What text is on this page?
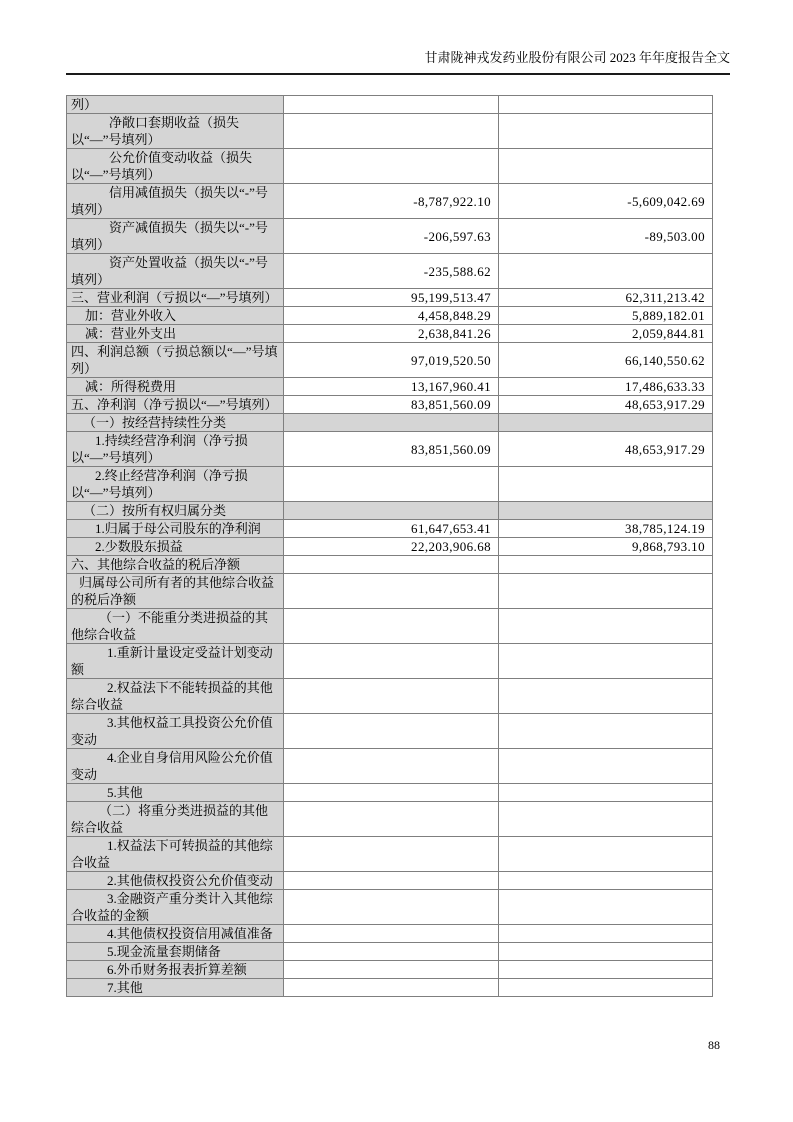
甘肃陇神戎发药业股份有限公司 2023 年年度报告全文
列）		
净敞口套期收益（损失以“—”号填列）		
公允价值变动收益（损失以“—”号填列）		
信用减值损失（损失以“-”号填列）	-8,787,922.10	-5,609,042.69
资产减值损失（损失以“-”号填列）	-206,597.63	-89,503.00
资产处置收益（损失以“-”号填列）	-235,588.62	
三、营业利润（亏损以“—”号填列）	95,199,513.47	62,311,213.42
加：营业外收入	4,458,848.29	5,889,182.01
减：营业外支出	2,638,841.26	2,059,844.81
四、利润总额（亏损总额以“—”号填列）	97,019,520.50	66,140,550.62
减：所得税费用	13,167,960.41	17,486,633.33
五、净利润（净亏损以“—”号填列）	83,851,560.09	48,653,917.29
（一）按经营持续性分类		
1.持续经营净利润（净亏损以“—”号填列）	83,851,560.09	48,653,917.29
2.终止经营净利润（净亏损以“—”号填列）		
（二）按所有权归属分类		
1.归属于母公司股东的净利润	61,647,653.41	38,785,124.19
2.少数股东损益	22,203,906.68	9,868,793.10
六、其他综合收益的税后净额		
归属母公司所有者的其他综合收益的税后净额		
（一）不能重分类进损益的其他综合收益		
1.重新计量设定受益计划变动额		
2.权益法下不能转损益的其他综合收益		
3.其他权益工具投资公允价值变动		
4.企业自身信用风险公允价值变动		
5.其他		
（二）将重分类进损益的其他综合收益		
1.权益法下可转损益的其他综合收益		
2.其他债权投资公允价值变动		
3.金融资产重分类计入其他综合收益的金额		
4.其他债权投资信用减值准备		
5.现金流量套期储备		
6.外币财务报表折算差额		
7.其他		
88
